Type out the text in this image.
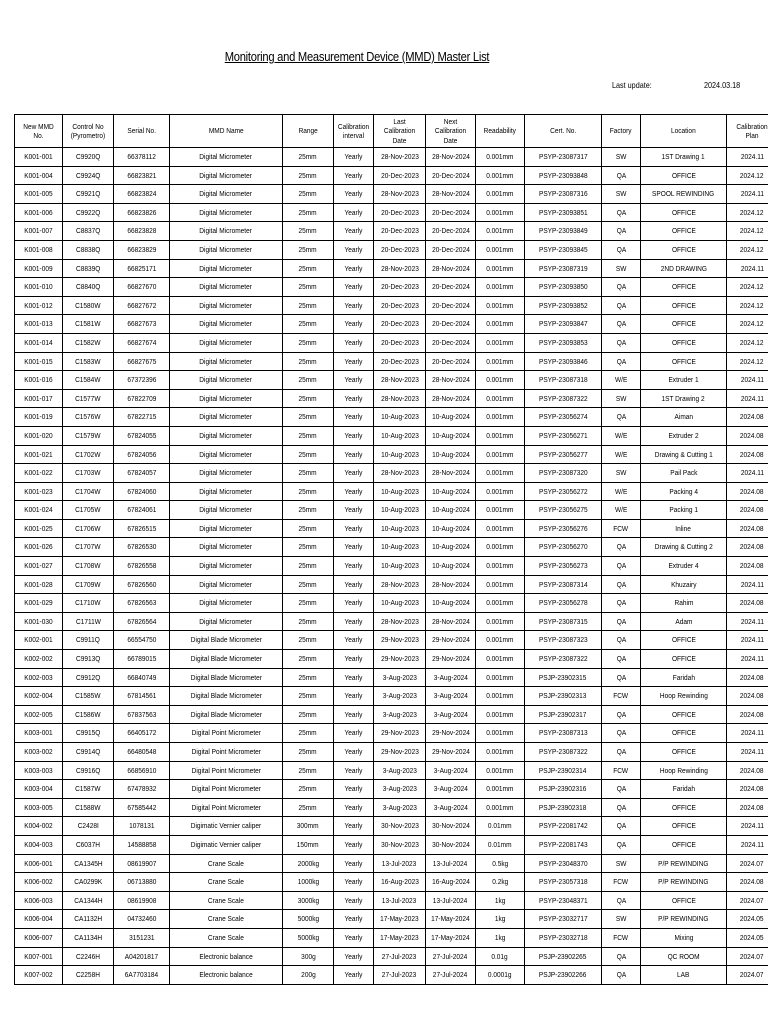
Monitoring and Measurement Device (MMD) Master List
Last update:	2024.03.18
New MMD No.	Control No (Pyrometro)	Serial No.	MMD Name	Range	Calibration interval	Last Calibration Date	Next Calibration Date	Readability	Cert. No.	Factory	Location	Calibration Plan
K001-001	C9920Q	66378112	Digital Micrometer	25mm	Yearly	28-Nov-2023	28-Nov-2024	0.001mm	PSYP-23087317	SW	1ST Drawing 1	2024.11
K001-004	C9924Q	66823821	Digital Micrometer	25mm	Yearly	20-Dec-2023	20-Dec-2024	0.001mm	PSYP-23093848	QA	OFFICE	2024.12
K001-005	C9921Q	66823824	Digital Micrometer	25mm	Yearly	28-Nov-2023	28-Nov-2024	0.001mm	PSYP-23087316	SW	SPOOL REWINDING	2024.11
K001-006	C9922Q	66823826	Digital Micrometer	25mm	Yearly	20-Dec-2023	20-Dec-2024	0.001mm	PSYP-23093851	QA	OFFICE	2024.12
K001-007	C8837Q	66823828	Digital Micrometer	25mm	Yearly	20-Dec-2023	20-Dec-2024	0.001mm	PSYP-23093849	QA	OFFICE	2024.12
K001-008	C8838Q	66823829	Digital Micrometer	25mm	Yearly	20-Dec-2023	20-Dec-2024	0.001mm	PSYP-23093845	QA	OFFICE	2024.12
K001-009	C8839Q	66825171	Digital Micrometer	25mm	Yearly	28-Nov-2023	28-Nov-2024	0.001mm	PSYP-23087319	SW	2ND DRAWING	2024.11
K001-010	C8840Q	66827670	Digital Micrometer	25mm	Yearly	20-Dec-2023	20-Dec-2024	0.001mm	PSYP-23093850	QA	OFFICE	2024.12
K001-012	C1580W	66827672	Digital Micrometer	25mm	Yearly	20-Dec-2023	20-Dec-2024	0.001mm	PSYP-23093852	QA	OFFICE	2024.12
K001-013	C1581W	66827673	Digital Micrometer	25mm	Yearly	20-Dec-2023	20-Dec-2024	0.001mm	PSYP-23093847	QA	OFFICE	2024.12
K001-014	C1582W	66827674	Digital Micrometer	25mm	Yearly	20-Dec-2023	20-Dec-2024	0.001mm	PSYP-23093853	QA	OFFICE	2024.12
K001-015	C1583W	66827675	Digital Micrometer	25mm	Yearly	20-Dec-2023	20-Dec-2024	0.001mm	PSYP-23093846	QA	OFFICE	2024.12
K001-016	C1584W	67372396	Digital Micrometer	25mm	Yearly	28-Nov-2023	28-Nov-2024	0.001mm	PSYP-23087318	W/E	Extruder 1	2024.11
K001-017	C1577W	67822709	Digital Micrometer	25mm	Yearly	28-Nov-2023	28-Nov-2024	0.001mm	PSYP-23087322	SW	1ST Drawing 2	2024.11
K001-019	C1576W	67822715	Digital Micrometer	25mm	Yearly	10-Aug-2023	10-Aug-2024	0.001mm	PSYP-23056274	QA	Aiman	2024.08
K001-020	C1579W	67824055	Digital Micrometer	25mm	Yearly	10-Aug-2023	10-Aug-2024	0.001mm	PSYP-23056271	W/E	Extruder 2	2024.08
K001-021	C1702W	67824056	Digital Micrometer	25mm	Yearly	10-Aug-2023	10-Aug-2024	0.001mm	PSYP-23056277	W/E	Drawing & Cutting 1	2024.08
K001-022	C1703W	67824057	Digital Micrometer	25mm	Yearly	28-Nov-2023	28-Nov-2024	0.001mm	PSYP-23087320	SW	Pail Pack	2024.11
K001-023	C1704W	67824060	Digital Micrometer	25mm	Yearly	10-Aug-2023	10-Aug-2024	0.001mm	PSYP-23056272	W/E	Packing 4	2024.08
K001-024	C1705W	67824061	Digital Micrometer	25mm	Yearly	10-Aug-2023	10-Aug-2024	0.001mm	PSYP-23056275	W/E	Packing 1	2024.08
K001-025	C1706W	67826515	Digital Micrometer	25mm	Yearly	10-Aug-2023	10-Aug-2024	0.001mm	PSYP-23056276	FCW	Inline	2024.08
K001-026	C1707W	67826530	Digital Micrometer	25mm	Yearly	10-Aug-2023	10-Aug-2024	0.001mm	PSYP-23056270	QA	Drawing & Cutting 2	2024.08
K001-027	C1708W	67826558	Digital Micrometer	25mm	Yearly	10-Aug-2023	10-Aug-2024	0.001mm	PSYP-23056273	QA	Extruder 4	2024.08
K001-028	C1709W	67826560	Digital Micrometer	25mm	Yearly	28-Nov-2023	28-Nov-2024	0.001mm	PSYP-23087314	QA	Khuzairy	2024.11
K001-029	C1710W	67826563	Digital Micrometer	25mm	Yearly	10-Aug-2023	10-Aug-2024	0.001mm	PSYP-23056278	QA	Rahim	2024.08
K001-030	C1711W	67826564	Digital Micrometer	25mm	Yearly	28-Nov-2023	28-Nov-2024	0.001mm	PSYP-23087315	QA	Adam	2024.11
K002-001	C9911Q	66554750	Digital Blade Micrometer	25mm	Yearly	29-Nov-2023	29-Nov-2024	0.001mm	PSYP-23087323	QA	OFFICE	2024.11
K002-002	C9913Q	66789015	Digital Blade Micrometer	25mm	Yearly	29-Nov-2023	29-Nov-2024	0.001mm	PSYP-23087322	QA	OFFICE	2024.11
K002-003	C9912Q	66840749	Digital Blade Micrometer	25mm	Yearly	3-Aug-2023	3-Aug-2024	0.001mm	PSJP-23902315	QA	Faridah	2024.08
K002-004	C1585W	67814561	Digital Blade Micrometer	25mm	Yearly	3-Aug-2023	3-Aug-2024	0.001mm	PSJP-23902313	FCW	Hoop Rewinding	2024.08
K002-005	C1586W	67837563	Digital Blade Micrometer	25mm	Yearly	3-Aug-2023	3-Aug-2024	0.001mm	PSJP-23902317	QA	OFFICE	2024.08
K003-001	C9915Q	66405172	Digital Point Micrometer	25mm	Yearly	29-Nov-2023	29-Nov-2024	0.001mm	PSYP-23087313	QA	OFFICE	2024.11
K003-002	C9914Q	66480548	Digital Point Micrometer	25mm	Yearly	29-Nov-2023	29-Nov-2024	0.001mm	PSYP-23087322	QA	OFFICE	2024.11
K003-003	C9916Q	66856910	Digital Point Micrometer	25mm	Yearly	3-Aug-2023	3-Aug-2024	0.001mm	PSJP-23902314	FCW	Hoop Rewinding	2024.08
K003-004	C1587W	67478932	Digital Point Micrometer	25mm	Yearly	3-Aug-2023	3-Aug-2024	0.001mm	PSJP-23902316	QA	Faridah	2024.08
K003-005	C1588W	67585442	Digital Point Micrometer	25mm	Yearly	3-Aug-2023	3-Aug-2024	0.001mm	PSJP-23902318	QA	OFFICE	2024.08
K004-002	C2428I	1078131	Digimatic Vernier caliper	300mm	Yearly	30-Nov-2023	30-Nov-2024	0.01mm	PSYP-22081742	QA	OFFICE	2024.11
K004-003	C6037H	14588858	Digimatic Vernier caliper	150mm	Yearly	30-Nov-2023	30-Nov-2024	0.01mm	PSYP-22081743	QA	OFFICE	2024.11
K006-001	CA1345H	08619907	Crane Scale	2000kg	Yearly	13-Jul-2023	13-Jul-2024	0.5kg	PSYP-23048370	SW	P/P REWINDING	2024.07
K006-002	CA0299K	06713880	Crane Scale	1000kg	Yearly	16-Aug-2023	16-Aug-2024	0.2kg	PSYP-23057318	FCW	P/P REWINDING	2024.08
K006-003	CA1344H	08619908	Crane Scale	3000kg	Yearly	13-Jul-2023	13-Jul-2024	1kg	PSYP-23048371	QA	OFFICE	2024.07
K006-004	CA1132H	04732460	Crane Scale	5000kg	Yearly	17-May-2023	17-May-2024	1kg	PSYP-23032717	SW	P/P REWINDING	2024.05
K006-007	CA1134H	3151231	Crane Scale	5000kg	Yearly	17-May-2023	17-May-2024	1kg	PSYP-23032718	FCW	Mixing	2024.05
K007-001	C2246H	A04201817	Electronic balance	300g	Yearly	27-Jul-2023	27-Jul-2024	0.01g	PSJP-23902265	QA	QC ROOM	2024.07
K007-002	C2258H	6A7703184	Electronic balance	200g	Yearly	27-Jul-2023	27-Jul-2024	0.0001g	PSJP-23902266	QA	LAB	2024.07
